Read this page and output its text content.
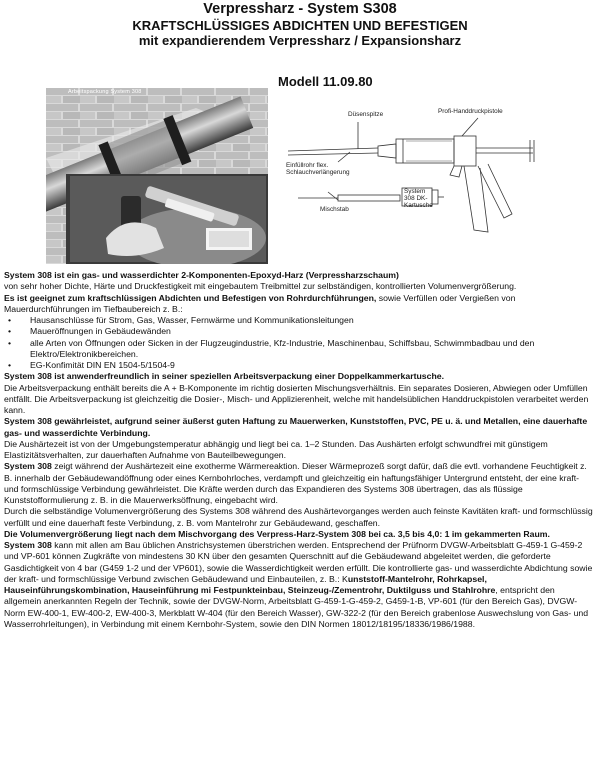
Verpressharz - System S308
KRAFTSCHLÜSSIGES ABDICHTEN UND BEFESTIGEN
mit expandierendem Verpressharz / Expansionsharz
Modell 11.09.80
Arbeitspackung System 308
Düsenspitze	Profi-Handdruckpistole
Einfüllrohr flex. Schlauchverlängerung
Mischstab
System 308 DK-Kartusche

System 308 ist ein gas- und wasserdichter 2-Komponenten-Epoxyd-Harz (Verpressharzschaum)
von sehr hoher Dichte, Härte und Druckfestigkeit mit eingebautem Treibmittel zur selbständigen, kontrollierten Volumenvergrößerung.

Es ist geeignet zum kraftschlüssigen Abdichten und Befestigen von Rohrdurchführungen, sowie Verfüllen oder Vergießen von Mauerdurchführungen im Tiefbaubereich z. B.:

• Hausanschlüsse für Strom, Gas, Wasser, Fernwärme und Kommunikationsleitungen
• Maueröffnungen in Gebäudewänden
• alle Arten von Öffnungen oder Sicken in der Flugzeugindustrie, Kfz-Industrie, Maschinenbau, Schiffsbau, Schwimmbadbau und den Elektro/Elektronikbereichen.
• EG-Konfimität DIN EN 1504-5/1504-9

System 308 ist anwenderfreundlich in seiner speziellen Arbeitsverpackung einer Doppelkammerkartusche.
Die Arbeitsverpackung enthält bereits die A + B-Komponente im richtig dosierten Mischungsverhältnis. Ein separates Dosieren, Abwiegen oder Umfüllen entfällt. Die Arbeitsverpackung ist gleichzeitig die Dosier-, Misch- und Applizierenheit, welche mit handelsüblichen Handdruckpistolen verarbeitet werden kann.

System 308 gewährleistet, aufgrund seiner äußerst guten Haftung zu Mauerwerken, Kunststoffen, PVC, PE u. ä. und Metallen, eine dauerhafte gas- und wasserdichte Verbindung.
Die Aushärtezeit ist von der Umgebungstemperatur abhängig und liegt bei ca. 1–2 Stunden. Das Aushärten erfolgt schwundfrei mit günstigem Elastizitätsverhalten, zur dauerhaften Aufnahme von Bauteilbewegungen.

System 308 zeigt während der Aushärtezeit eine exotherme Wärmereaktion. Dieser Wärmeprozeß sorgt dafür, daß die evtl. vorhandene Feuchtigkeit z. B. innerhalb der Gebäudewandöffnung oder eines Kernbohrloches, verdampft und gleichzeitig ein haftungsfähiger Untergrund entsteht, der eine kraft- und formschlüssige Verbindung gewährleistet. Die Kräfte werden durch das Expandieren des Systems 308 übertragen, das als flüssige Kunststofformulierung z. B. in die Mauerwerksöffnung, eingebacht wird.

Durch die selbständige Volumenvergrößerung des Systems 308 während des Aushärtevorganges werden auch feinste Kavitäten kraft- und formschlüssig verfüllt und eine dauerhaft feste Verbindung, z. B. vom Mantelrohr zur Gebäudewand, geschaffen.

Die Volumenvergrößerung liegt nach dem Mischvorgang des Verpress-Harz-System 308 bei ca. 3,5 bis 4,0: 1 im gekammerten Raum.

System 308 kann mit allen am Bau üblichen Anstrichsystemen überstrichen werden. Entsprechend der Prüfnorm DVGW-Arbeitsblatt G-459-1 G-459-2 und VP-601 können Zugkräfte von mindestens 30 KN über den gesamten Querschnitt auf die Gebäudewand abgeleitet werden, die geforderte Gasdichtigkeit von 4 bar (G459 1-2 und der VP601), sowie die Wasserdichtigkeit werden erfüllt. Die kontrollierte gas- und wasserdichte Abdichtung sowie der kraft- und formschlüssige Verbund zwischen Gebäudewand und Einbauteilen, z. B.: Kunststoff-Mantelrohr, Rohrkapsel, Hauseinführungskombination, Hauseinführung mi Festpunkteinbau, Steinzeug-/Zementrohr, Duktilguss und Stahlrohre, entspricht den allgemein anerkannten Regeln der Technik, sowie der DVGW-Norm, Arbeitsblatt G-459-1-G-459-2, G459-1-B, VP-601 (für den Bereich Gas), DVGW-Norm EW-400-1, EW-400-2, EW-400-3, Merkblatt W-404 (für den Bereich Wasser), GW-322-2 (für den Bereich grabenlose Auswechslung von Gas- und Wasserrohrleitungen), in Verbindung mit einem Kernbohr-System, sowie den DIN Normen 18012/18195/18336/1986/1988.
